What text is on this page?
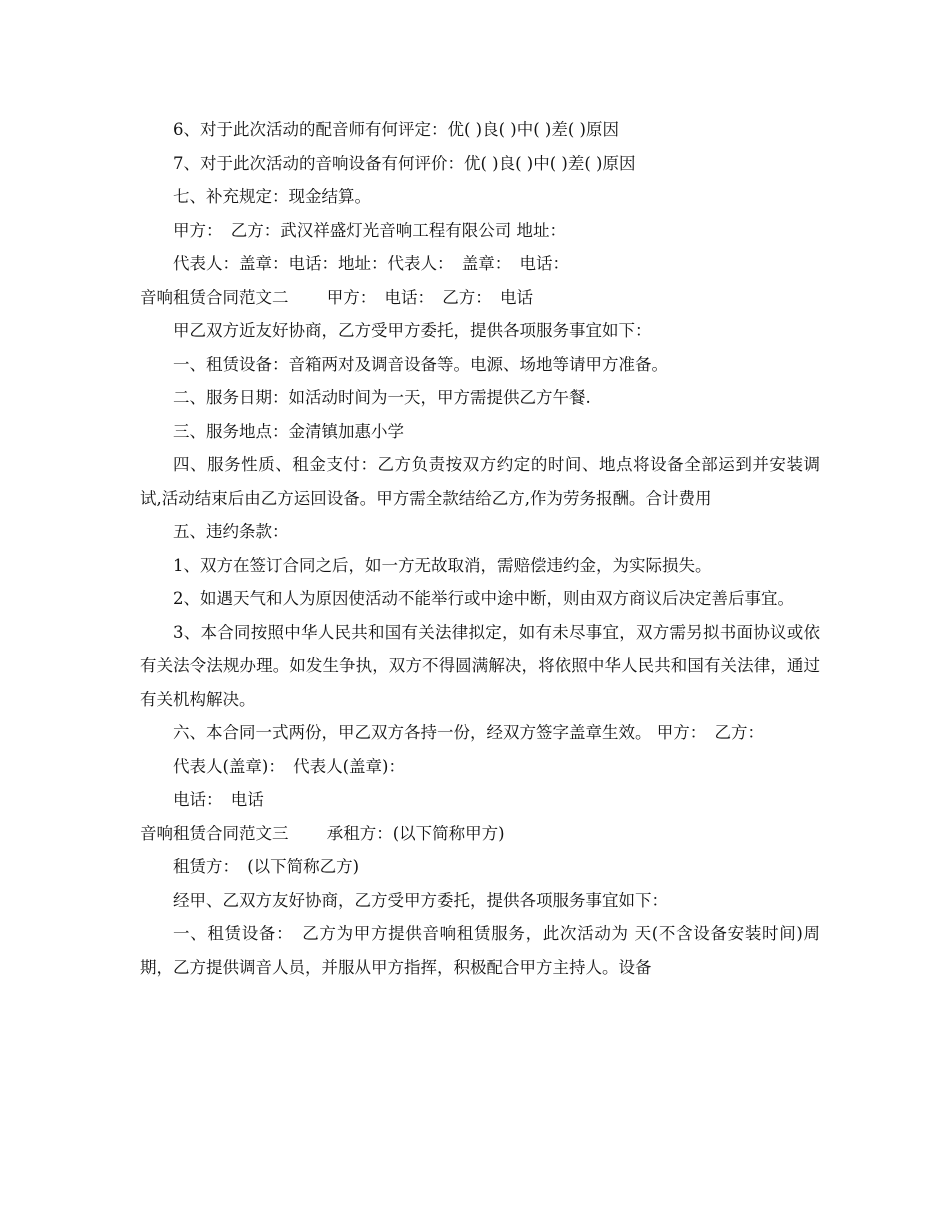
6、对于此次活动的配音师有何评定：优( )良( )中( )差( )原因

7、对于此次活动的音响设备有何评价：优( )良( )中( )差( )原因

七、补充规定：现金结算。

甲方：　乙方：武汉祥盛灯光音响工程有限公司 地址：

代表人：盖章：电话：地址：代表人：　盖章：　电话：

音响租赁合同范文二　　 甲方：　电话：　乙方：　电话

甲乙双方近友好协商，乙方受甲方委托，提供各项服务事宜如下：

一、租赁设备：音箱两对及调音设备等。电源、场地等请甲方准备。

二、服务日期：如活动时间为一天，甲方需提供乙方午餐.

三、服务地点：金清镇加惠小学

四、服务性质、租金支付：乙方负责按双方约定的时间、地点将设备全部运到并安装调试,活动结束后由乙方运回设备。甲方需全款结给乙方,作为劳务报酬。合计费用

五、违约条款：

1、双方在签订合同之后，如一方无故取消，需赔偿违约金，为实际损失。

2、如遇天气和人为原因使活动不能举行或中途中断，则由双方商议后决定善后事宜。

3、本合同按照中华人民共和国有关法律拟定，如有未尽事宜，双方需另拟书面协议或依有关法令法规办理。如发生争执，双方不得圆满解决，将依照中华人民共和国有关法律，通过有关机构解决。

六、本合同一式两份，甲乙双方各持一份，经双方签字盖章生效。 甲方：　乙方：

代表人(盖章)：　代表人(盖章)：

电话：　电话

音响租赁合同范文三　　 承租方：(以下简称甲方)

租赁方：　(以下简称乙方)

经甲、乙双方友好协商，乙方受甲方委托，提供各项服务事宜如下：

一、租赁设备：　乙方为甲方提供音响租赁服务，此次活动为 天(不含设备安装时间)周期，乙方提供调音人员，并服从甲方指挥，积极配合甲方主持人。设备
